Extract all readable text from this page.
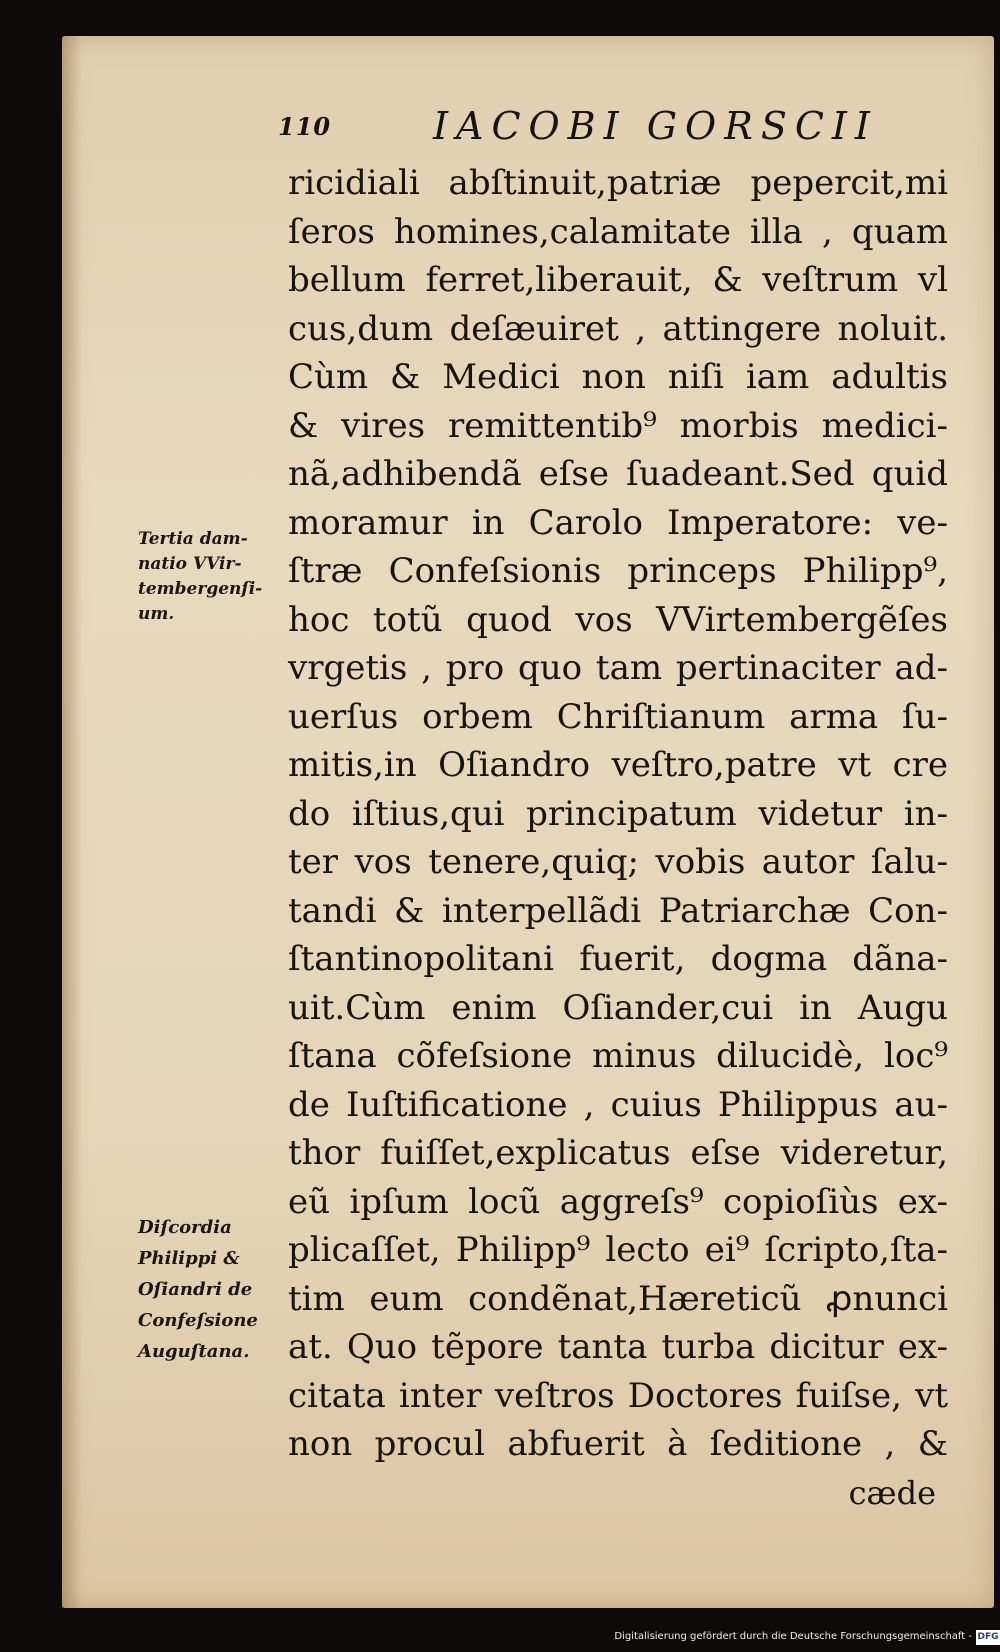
110	IACOBI GORSCII
Tertia dam-
natio VVir-
tembergenſi-
um.
Diſcordia
Philippi &
Oſiandri de
Confeſsione
Auguſtana.
ricidiali abſtinuit,patriæ pepercit,mi
ſeros homines,calamitate illa , quam
bellum ferret,liberauit, & veſtrum vl
cus,dum deſæuiret , attingere noluit.
Cùm & Medici non niſi iam adultis
& vires remittentib⁹ morbis medici-
nã,adhibendã eſse ſuadeant.Sed quid
moramur in Carolo Imperatore: ve-
ſtræ Confeſsionis princeps Philipp⁹,
hoc totũ quod vos VVirtembergẽſes
vrgetis , pro quo tam pertinaciter ad-
uerſus orbem Chriſtianum arma ſu-
mitis,in Oſiandro veſtro,patre vt cre
do iſtius,qui principatum videtur in-
ter vos tenere,quiq; vobis autor ſalu-
tandi & interpellãdi Patriarchæ Con-
ſtantinopolitani fuerit, dogma dãna-
uit.Cùm enim Oſiander,cui in Augu
ſtana cõfeſsione minus dilucidè, loc⁹
de Iuſtificatione , cuius Philippus au-
thor fuiſſet,explicatus eſse videretur,
eũ ipſum locũ aggreſs⁹ copioſiùs ex-
plicaſſet, Philipp⁹ lecto ei⁹ ſcripto,ſta-
tim eum condẽnat,Hæreticũ ꝓnunci
at. Quo tẽpore tanta turba dicitur ex-
citata inter veſtros Doctores fuiſse, vt
non procul abfuerit à ſeditione , &
cæde
Digitalisierung gefördert durch die Deutsche Forschungsgemeinschaft - DFG
